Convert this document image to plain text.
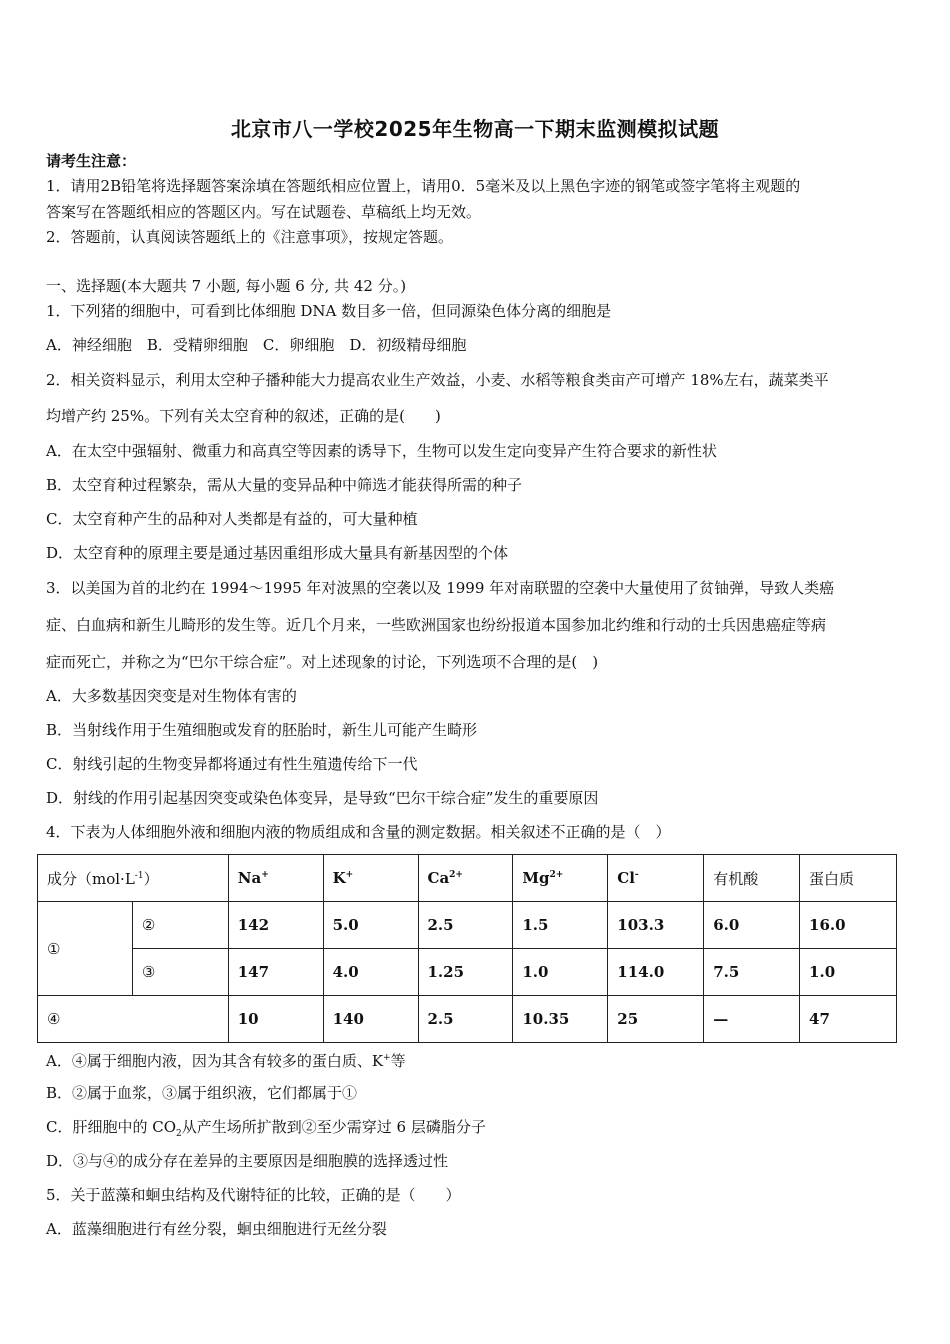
北京市八一学校2025年生物高一下期末监测模拟试题
请考生注意：
1．请用2B铅笔将选择题答案涂填在答题纸相应位置上，请用0．5毫米及以上黑色字迹的钢笔或签字笔将主观题的
答案写在答题纸相应的答题区内。写在试题卷、草稿纸上均无效。
2．答题前，认真阅读答题纸上的《注意事项》，按规定答题。
一、选择题(本大题共 7 小题, 每小题 6 分, 共 42 分。)
1．下列猪的细胞中，可看到比体细胞 DNA 数目多一倍，但同源染色体分离的细胞是
A．神经细胞　B．受精卵细胞　C．卵细胞　D．初级精母细胞
2．相关资料显示，利用太空种子播种能大力提高农业生产效益，小麦、水稻等粮食类亩产可增产 18%左右，蔬菜类平
均增产约 25%。下列有关太空育种的叙述，正确的是(　　)
A．在太空中强辐射、微重力和高真空等因素的诱导下，生物可以发生定向变异产生符合要求的新性状
B．太空育种过程繁杂，需从大量的变异品种中筛选才能获得所需的种子
C．太空育种产生的品种对人类都是有益的，可大量种植
D．太空育种的原理主要是通过基因重组形成大量具有新基因型的个体
3．以美国为首的北约在 1994～1995 年对波黑的空袭以及 1999 年对南联盟的空袭中大量使用了贫铀弹，导致人类癌
症、白血病和新生儿畸形的发生等。近几个月来，一些欧洲国家也纷纷报道本国参加北约维和行动的士兵因患癌症等病
症而死亡，并称之为“巴尔干综合症”。对上述现象的讨论，下列选项不合理的是(　)
A．大多数基因突变是对生物体有害的
B．当射线作用于生殖细胞或发育的胚胎时，新生儿可能产生畸形
C．射线引起的生物变异都将通过有性生殖遗传给下一代
D．射线的作用引起基因突变或染色体变异，是导致“巴尔干综合症”发生的重要原因
4．下表为人体细胞外液和细胞内液的物质组成和含量的测定数据。相关叙述不正确的是（　）
成分$(mol\cdot L^{-1})$		Na+	K+	$Ca^{2+}$	$Mg^{2+}$	Cl-	有机酸	蛋白质
①	②	142	5.0	2.5	1.5	103.3	6.0	16.0
	③	147	4.0	1.25	1.0	114.0	7.5	1.0
④		10	140	2.5	10.35	25	—	47
A．④属于细胞内液，因为其含有较多的蛋白质、K+等
B．②属于血浆，③属于组织液，它们都属于①
C．肝细胞中的 $CO_2$从产生场所扩散到②至少需穿过 6 层磷脂分子
D．③与④的成分存在差异的主要原因是细胞膜的选择透过性
5．关于蓝藻和蛔虫结构及代谢特征的比较，正确的是（　　）
A．蓝藻细胞进行有丝分裂，蛔虫细胞进行无丝分裂
